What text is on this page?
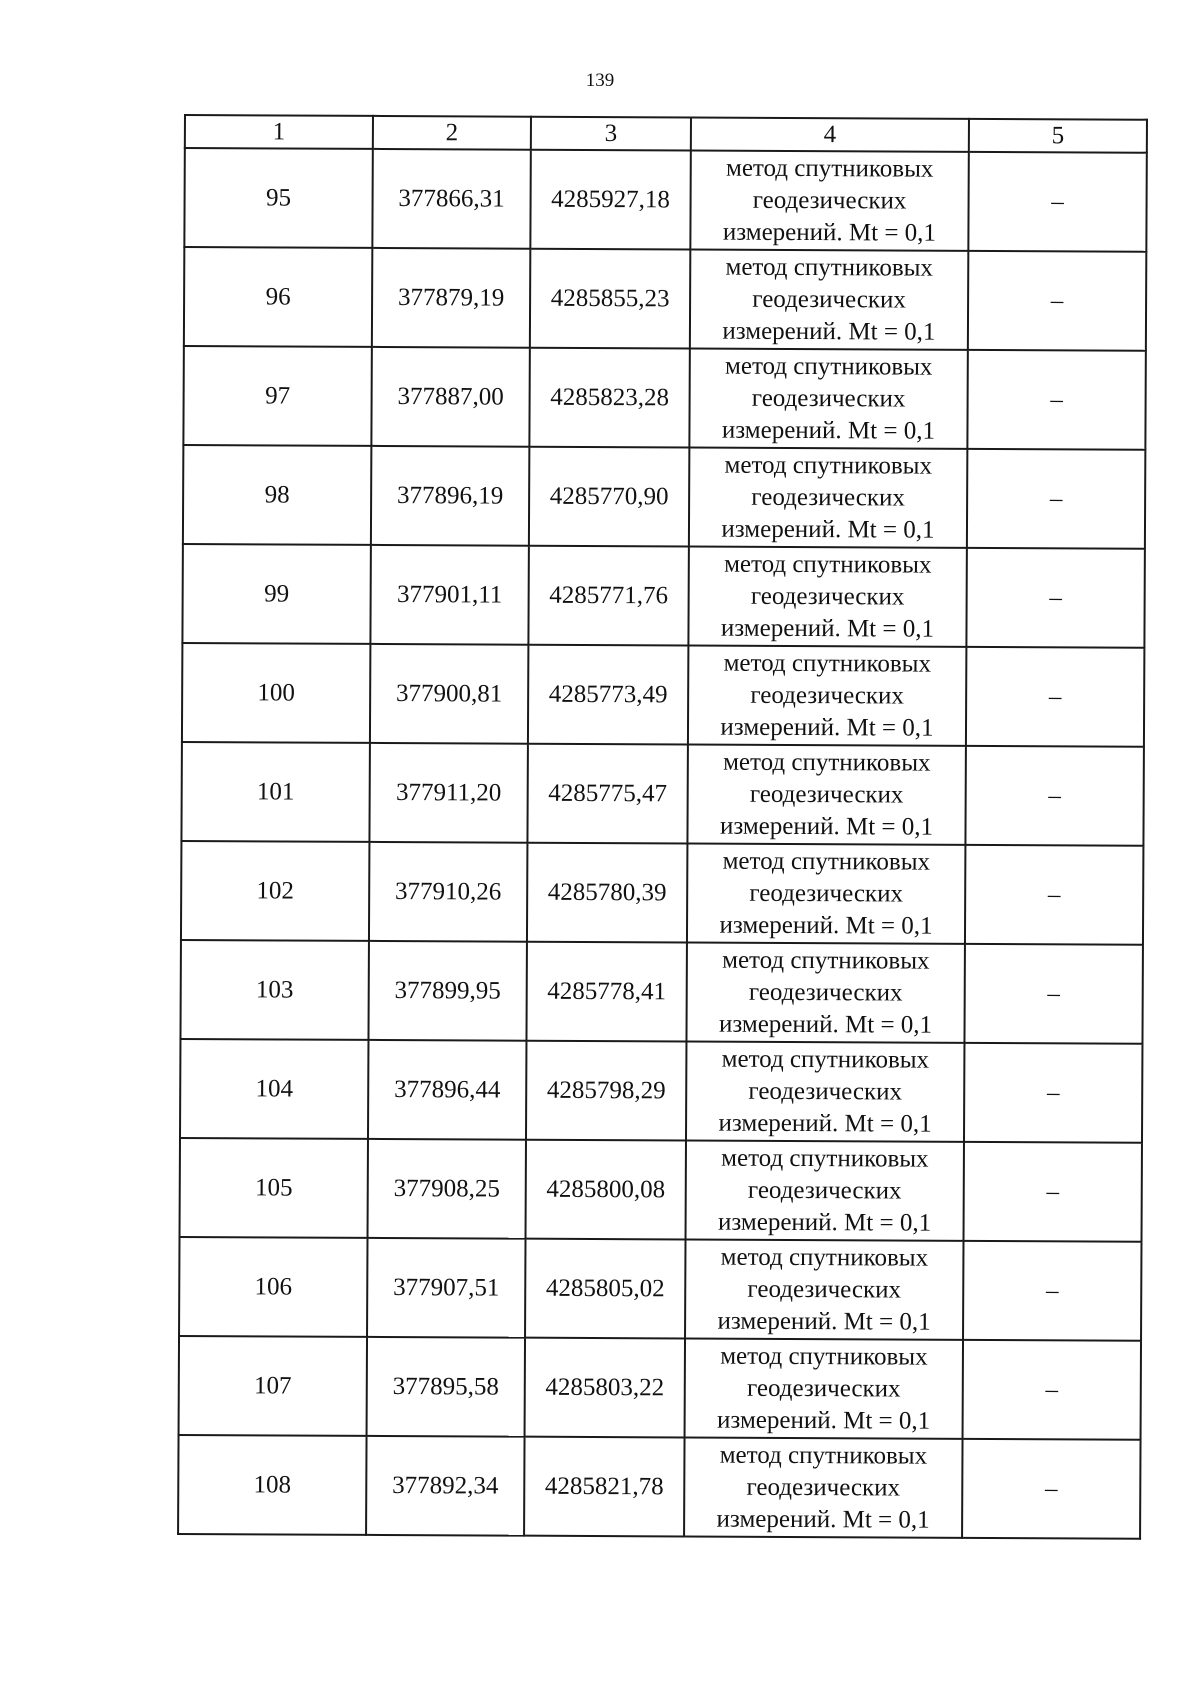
139
1	2	3	4	5
95	377866,31	4285927,18	метод спутниковых
геодезических
измерений. Mt = 0,1	–
96	377879,19	4285855,23	метод спутниковых
геодезических
измерений. Mt = 0,1	–
97	377887,00	4285823,28	метод спутниковых
геодезических
измерений. Mt = 0,1	–
98	377896,19	4285770,90	метод спутниковых
геодезических
измерений. Mt = 0,1	–
99	377901,11	4285771,76	метод спутниковых
геодезических
измерений. Mt = 0,1	–
100	377900,81	4285773,49	метод спутниковых
геодезических
измерений. Mt = 0,1	–
101	377911,20	4285775,47	метод спутниковых
геодезических
измерений. Mt = 0,1	–
102	377910,26	4285780,39	метод спутниковых
геодезических
измерений. Mt = 0,1	–
103	377899,95	4285778,41	метод спутниковых
геодезических
измерений. Mt = 0,1	–
104	377896,44	4285798,29	метод спутниковых
геодезических
измерений. Mt = 0,1	–
105	377908,25	4285800,08	метод спутниковых
геодезических
измерений. Mt = 0,1	–
106	377907,51	4285805,02	метод спутниковых
геодезических
измерений. Mt = 0,1	–
107	377895,58	4285803,22	метод спутниковых
геодезических
измерений. Mt = 0,1	–
108	377892,34	4285821,78	метод спутниковых
геодезических
измерений. Mt = 0,1	–
